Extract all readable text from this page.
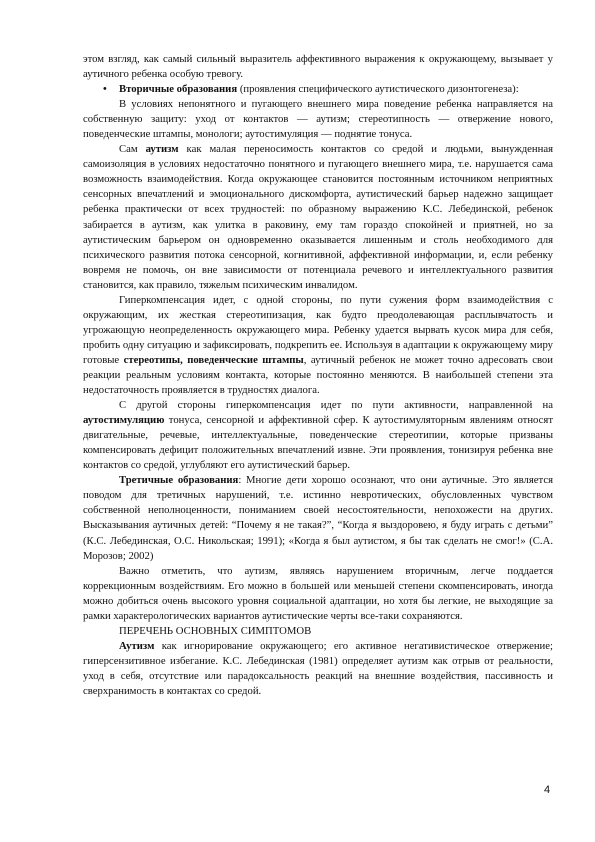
этом взгляд, как самый сильный выразитель аффективного выражения к окружающему, вызывает у аутичного ребенка особую тревогу.

• Вторичные образования (проявления специфического аутистического дизонтогенеза):

В условиях непонятного и пугающего внешнего мира поведение ребенка направляется на собственную защиту: уход от контактов — аутизм; стереотипность — отвержение нового, поведенческие штампы, монологи; аутостимуляция — поднятие тонуса.

Сам аутизм как малая переносимость контактов со средой и людьми, вынужденная самоизоляция в условиях недостаточно понятного и пугающего внешнего мира, т.е. нарушается сама возможность взаимодействия. Когда окружающее становится постоянным источником неприятных сенсорных впечатлений и эмоционального дискомфорта, аутистический барьер надежно защищает ребенка практически от всех трудностей: по образному выражению К.С. Лебединской, ребенок забирается в аутизм, как улитка в раковину, ему там гораздо спокойней и приятней, но за аутистическим барьером он одновременно оказывается лишенным и столь необходимого для психического развития потока сенсорной, когнитивной, аффективной информации, и, если ребенку вовремя не помочь, он вне зависимости от потенциала речевого и интеллектуального развития становится, как правило, тяжелым психическим инвалидом.

Гиперкомпенсация идет, с одной стороны, по пути сужения форм взаимодействия с окружающим, их жесткая стереотипизация, как будто преодолевающая расплывчатость и угрожающую неопределенность окружающего мира. Ребенку удается вырвать кусок мира для себя, пробить одну ситуацию и зафиксировать, подкрепить ее. Используя в адаптации к окружающему миру готовые стереотипы, поведенческие штампы, аутичный ребенок не может точно адресовать свои реакции реальным условиям контакта, которые постоянно меняются. В наибольшей степени эта недостаточность проявляется в трудностях диалога.

С другой стороны гиперкомпенсация идет по пути активности, направленной на аутостимуляцию тонуса, сенсорной и аффективной сфер. К аутостимуляторным явлениям относят двигательные, речевые, интеллектуальные, поведенческие стереотипии, которые призваны компенсировать дефицит положительных впечатлений извне. Эти проявления, тонизируя ребенка вне контактов со средой, углубляют его аутистический барьер.

Третичные образования: Многие дети хорошо осознают, что они аутичные. Это является поводом для третичных нарушений, т.е. истинно невротических, обусловленных чувством собственной неполноценности, пониманием своей несостоятельности, непохожести на других. Высказывания аутичных детей: “Почему я не такая?”, “Когда я выздоровею, я буду играть с детьми” (К.С. Лебединская, О.С. Никольская; 1991); «Когда я был аутистом, я бы так сделать не смог!» (С.А. Морозов; 2002)

Важно отметить, что аутизм, являясь нарушением вторичным, легче поддается коррекционным воздействиям. Его можно в большей или меньшей степени скомпенсировать, иногда можно добиться очень высокого уровня социальной адаптации, но хотя бы легкие, не выходящие за рамки характерологических вариантов аутистические черты все-таки сохраняются.

ПЕРЕЧЕНЬ ОСНОВНЫХ СИМПТОМОВ

Аутизм как игнорирование окружающего; его активное негативистическое отвержение; гиперсензитивное избегание. К.С. Лебединская (1981) определяет аутизм как отрыв от реальности, уход в себя, отсутствие или парадоксальность реакций на внешние воздействия, пассивность и сверхранимость в контактах со средой.

4
